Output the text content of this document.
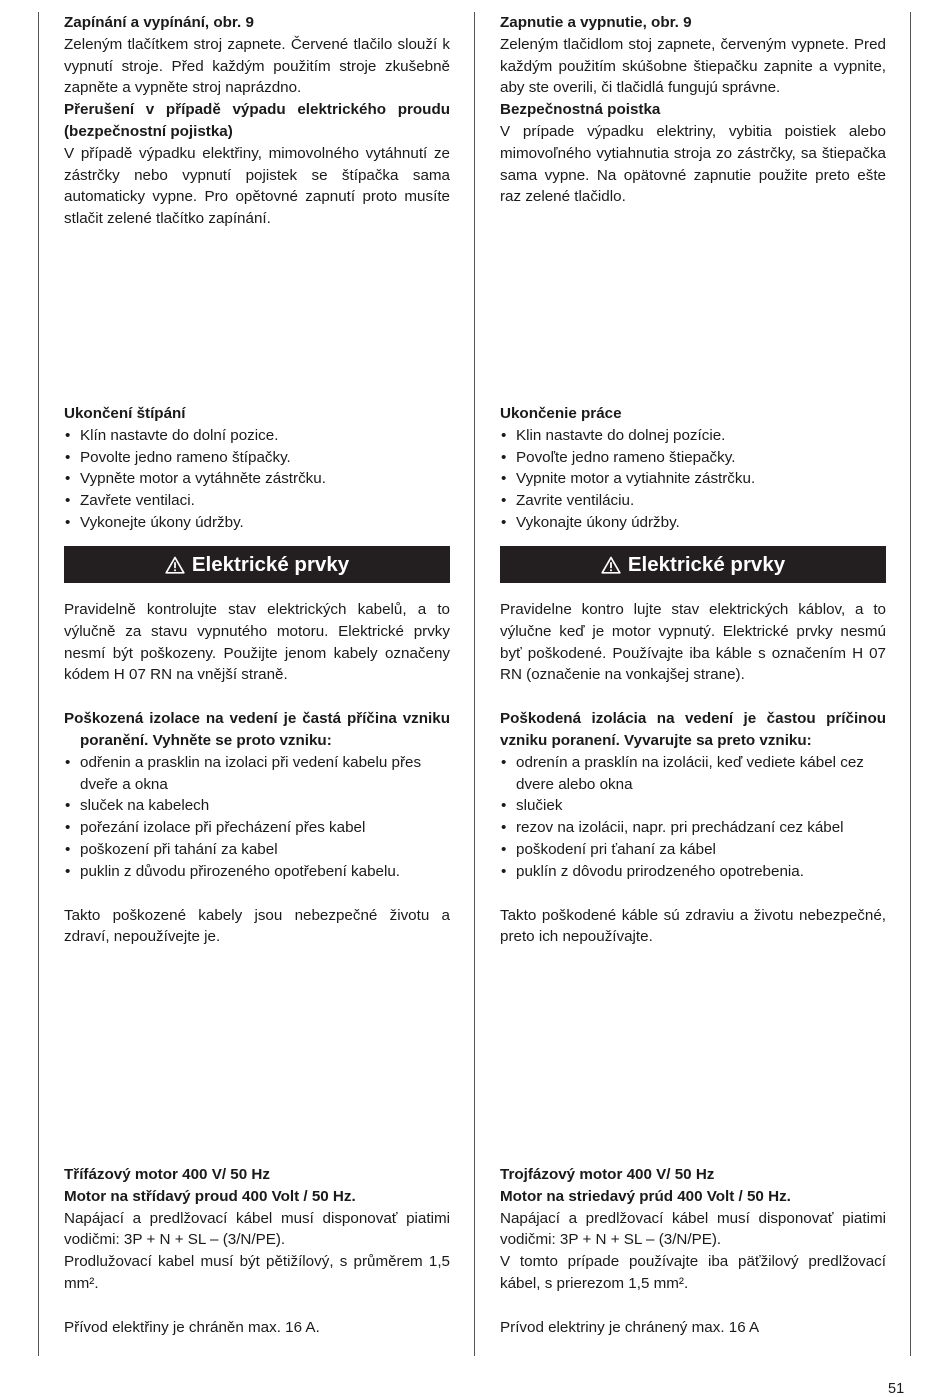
Zapínání a vypínání, obr. 9

Zeleným tlačítkem stroj zapnete. Červené tlačilo slouží k vypnutí stroje. Před každým použitím stroje zkušebně zapněte a vypněte stroj naprázdno.

Přerušení v případě výpadu elektrického proudu (bezpečnostní pojistka)

V případě výpadku elektřiny, mimovolného vytáhnutí ze zástrčky nebo vypnutí pojistek se štípačka sama automaticky vypne. Pro opětovné zapnutí proto musíte stlačit zelené tlačítko zapínání.

Ukončení štípání

• Klín nastavte do dolní pozice.
• Povolte jedno rameno štípačky.
• Vypněte motor a vytáhněte zástrčku.
• Zavřete ventilaci.
• Vykonejte úkony údržby.
Elektrické prvky

Pravidelně kontrolujte stav elektrických kabelů, a to výlučně za stavu vypnutého motoru. Elektrické prvky nesmí být poškozeny. Použijte jenom kabely označeny kódem H 07 RN na vnější straně.

Poškozená izolace na vedení je častá příčina vzniku poranění. Vyhněte se proto vzniku:

• odřenin a prasklin na izolaci při vedení kabelu přes dveře a okna
• sluček na kabelech
• pořezání izolace při přecházení přes kabel
• poškození při tahání za kabel
• puklin z důvodu přirozeného opotřebení kabelu.

Takto poškozené kabely jsou nebezpečné životu a zdraví, nepoužívejte je.

Třífázový motor 400 V/ 50 Hz

Motor na střídavý proud 400 Volt / 50 Hz.

Napájací a predlžovací kábel musí disponovať piatimi vodičmi: 3P + N + SL – (3/N/PE).

Prodlužovací kabel musí být pětižílový, s průměrem 1,5 mm².

Přívod elektřiny je chráněn max. 16 A.

Zapnutie a vypnutie, obr. 9

Zeleným tlačidlom stoj zapnete, červeným vypnete. Pred každým použitím skúšobne štiepačku zapnite a vypnite, aby ste overili, či tlačidlá fungujú správne.

Bezpečnostná poistka

V prípade výpadku elektriny, vybitia poistiek alebo mimovoľného vytiahnutia stroja zo zástrčky, sa štiepačka sama vypne. Na opätovné zapnutie použite preto ešte raz zelené tlačidlo.

Ukončenie práce

• Klin nastavte do dolnej pozície.
• Povoľte jedno rameno štiepačky.
• Vypnite motor a vytiahnite zástrčku.
• Zavrite ventiláciu.
• Vykonajte úkony údržby.
Elektrické prvky

Pravidelne kontro lujte stav elektrických káblov, a to výlučne keď je motor vypnutý. Elektrické prvky nesmú byť poškodené. Používajte iba káble s označením H 07 RN (označenie na vonkajšej strane).

Poškodená izolácia na vedení je častou príčinou vzniku poranení. Vyvarujte sa preto vzniku:

• odrenín a prasklín na izolácii, keď vediete kábel cez dvere alebo okna
• slučiek
• rezov na izolácii, napr. pri prechádzaní cez kábel
• poškodení pri ťahaní za kábel
• puklín z dôvodu prirodzeného opotrebenia.

Takto poškodené káble sú zdraviu a životu nebezpečné, preto ich nepoužívajte.

Trojfázový motor 400 V/ 50 Hz

Motor na striedavý prúd 400 Volt / 50 Hz.

Napájací a predlžovací kábel musí disponovať piatimi vodičmi: 3P + N + SL – (3/N/PE).

V tomto prípade používajte iba päťžilový predlžovací kábel, s prierezom 1,5 mm².

Prívod elektriny je chránený max. 16 A

51
